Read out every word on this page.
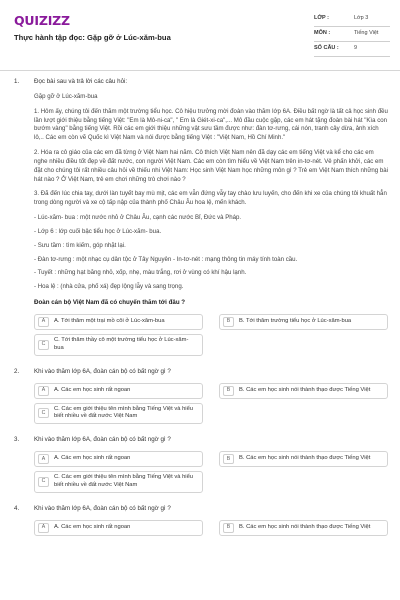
QUIZIZZ
Thực hành tập đọc: Gặp gỡ ở Lúc-xăm-bua
LỚP :	Lớp 3
MÔN :	Tiếng Việt
SỐ CÂU :	9
1. Đọc bài sau và trả lời các câu hỏi:
Gặp gỡ ở Lúc-xăm-bua
1. Hôm ấy, chúng tôi đến thăm một trường tiểu học. Cô hiệu trưởng mời đoàn vào thăm lớp 6A. Điều bất ngờ là tất cả học sinh đều lần lượt giới thiệu bằng tiếng Việt: "Em là Mô-ni-ca", " Em là Giét-xi-ca",... Mô đầu cuộc gặp, các em hát tặng đoàn bài hát "Kìa con bướm vàng" bằng tiếng Việt. Rồi các em giới thiệu những vật sưu tầm được như: đàn tơ-rưng, cái nón, tranh cây dừa, ảnh xích lô,.. Các em còn vẽ Quốc kì Việt Nam và nói được bằng tiếng Việt : "Việt Nam, Hồ Chí Minh."
2. Hóa ra cô giáo của các em đã từng ở Việt Nam hai năm. Cô thích Việt Nam nên đã dạy các em tiếng Việt và kể cho các em nghe nhiều điều tốt đẹp về đất nước, con người Việt Nam. Các em còn tìm hiểu về Việt Nam trên in-tơ-nét. Vẻ phấn khởi, các em đặt cho chúng tôi rất nhiều câu hỏi về thiếu nhi Việt Nam: Học sinh Việt Nam học những môn gì ? Trẻ em Việt Nam thích những bài hát nào ? Ở Việt Nam, trẻ em chơi những trò chơi nào ?
3. Đã đến lúc chia tay, dưới làn tuyết bay mù mịt, các em vẫn đứng vẫy tay chào lưu luyến, cho đến khi xe của chúng tôi khuất hẳn trong dòng người và xe cộ tấp nập của thành phố Châu Âu hoa lệ, mến khách.
- Lúc-xăm- bua : một nước nhỏ ở Châu Âu, cạnh các nước Bỉ, Đức và Pháp.
- Lớp 6 : lớp cuối bậc tiểu học ở Lúc-xăm- bua.
- Sưu tầm : tìm kiếm, góp nhặt lại.
- Đàn tơ-rưng : một nhạc cụ dân tộc ở Tây Nguyên - In-tơ-nét : mạng thông tin máy tính toàn cầu.
- Tuyết : những hạt băng nhỏ, xốp, nhẹ, màu trắng, rơi ở vùng có khí hậu lạnh.
- Hoa lệ : (nhà cửa, phố xá) đẹp lộng lẫy và sang trọng.
Đoàn cán bộ Việt Nam đã có chuyến thăm tới đâu ?
A	A. Tới thăm một trại mồ côi ở Lúc-xăm-bua	B	B. Tới thăm trường tiểu học ở Lúc-xăm-bua
C
C. Tới thăm thầy cô một trường tiểu học ở Lúc-xăm-bua
2. Khi vào thăm lớp 6A, đoàn cán bộ có bất ngờ gì ?
A	A. Các em học sinh rất ngoan	B	B. Các em học sinh nói thành thạo được Tiếng Việt
C
C. Các em giới thiệu tên mình bằng Tiếng Việt và hiểu biết nhiều về đất nước Việt Nam
3. Khi vào thăm lớp 6A, đoàn cán bộ có bất ngờ gì ?
A	A. Các em học sinh rất ngoan	B	B. Các em học sinh nói thành thạo được Tiếng Việt
C
C. Các em giới thiệu tên mình bằng Tiếng Việt và hiểu biết nhiều về đất nước Việt Nam
4. Khi vào thăm lớp 6A, đoàn cán bộ có bất ngờ gì ?
A	A. Các em học sinh rất ngoan	B	B. Các em học sinh nói thành thạo được Tiếng Việt
